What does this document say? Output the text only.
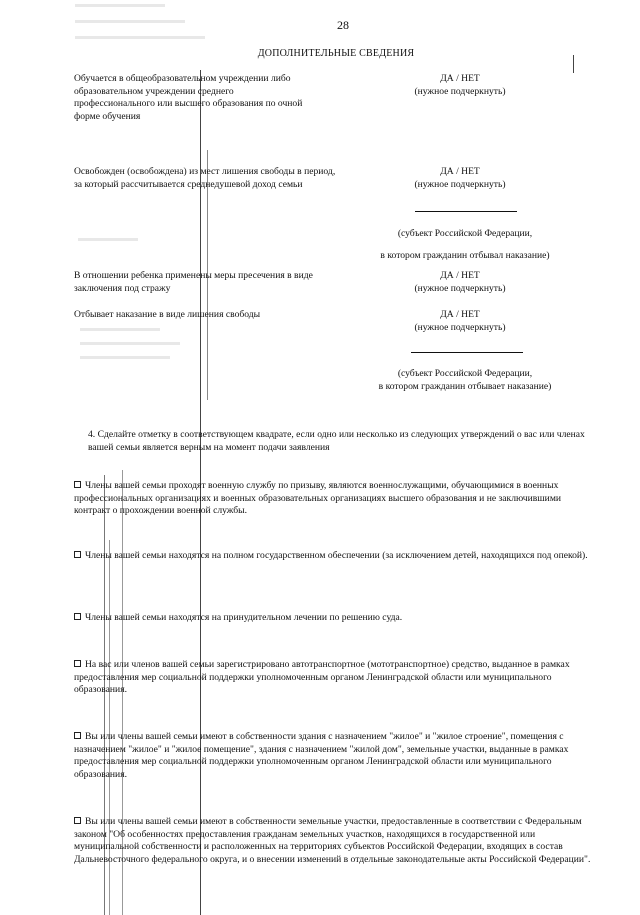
28
ДОПОЛНИТЕЛЬНЫЕ СВЕДЕНИЯ
Обучается в общеобразовательном учреждении либо образовательном учреждении среднего профессионального или высшего образования по очной форме обучения
ДА / НЕТ
(нужное подчеркнуть)
Освобожден (освобождена) из мест лишения свободы в период, за который рассчитывается среднедушевой доход семьи
ДА / НЕТ
(нужное подчеркнуть)
(субъект Российской Федерации,
в котором гражданин отбывал наказание)
В отношении ребенка применены меры пресечения в виде заключения под стражу
ДА / НЕТ
(нужное подчеркнуть)
Отбывает наказание в виде лишения свободы	ДА / НЕТ
(нужное подчеркнуть)
(субъект Российской Федерации,
в котором гражданин отбывает наказание)
4. Сделайте отметку в соответствующем квадрате, если одно или несколько из следующих утверждений о вас или членах вашей семьи является верным на момент подачи заявления
Члены вашей семьи проходят военную службу по призыву, являются военнослужащими, обучающимися в военных профессиональных организациях и военных образовательных организациях высшего образования и не заключившими контракт о прохождении военной службы.
Члены вашей семьи находятся на полном государственном обеспечении (за исключением детей, находящихся под опекой).
Члены вашей семьи находятся на принудительном лечении по решению суда.
На вас или членов вашей семьи зарегистрировано автотранспортное (мототранспортное) средство, выданное в рамках предоставления мер социальной поддержки уполномоченным органом Ленинградской области или муниципального образования.
Вы или члены вашей семьи имеют в собственности здания с назначением "жилое" и "жилое строение", помещения с назначением "жилое" и "жилое помещение", здания с назначением "жилой дом", земельные участки, выданные в рамках предоставления мер социальной поддержки уполномоченным органом Ленинградской области или муниципального образования.
Вы или члены вашей семьи имеют в собственности земельные участки, предоставленные в соответствии с Федеральным законом "Об особенностях предоставления гражданам земельных участков, находящихся в государственной или муниципальной собственности и расположенных на территориях субъектов Российской Федерации, входящих в состав Дальневосточного федерального округа, и о внесении изменений в отдельные законодательные акты Российской Федерации".
